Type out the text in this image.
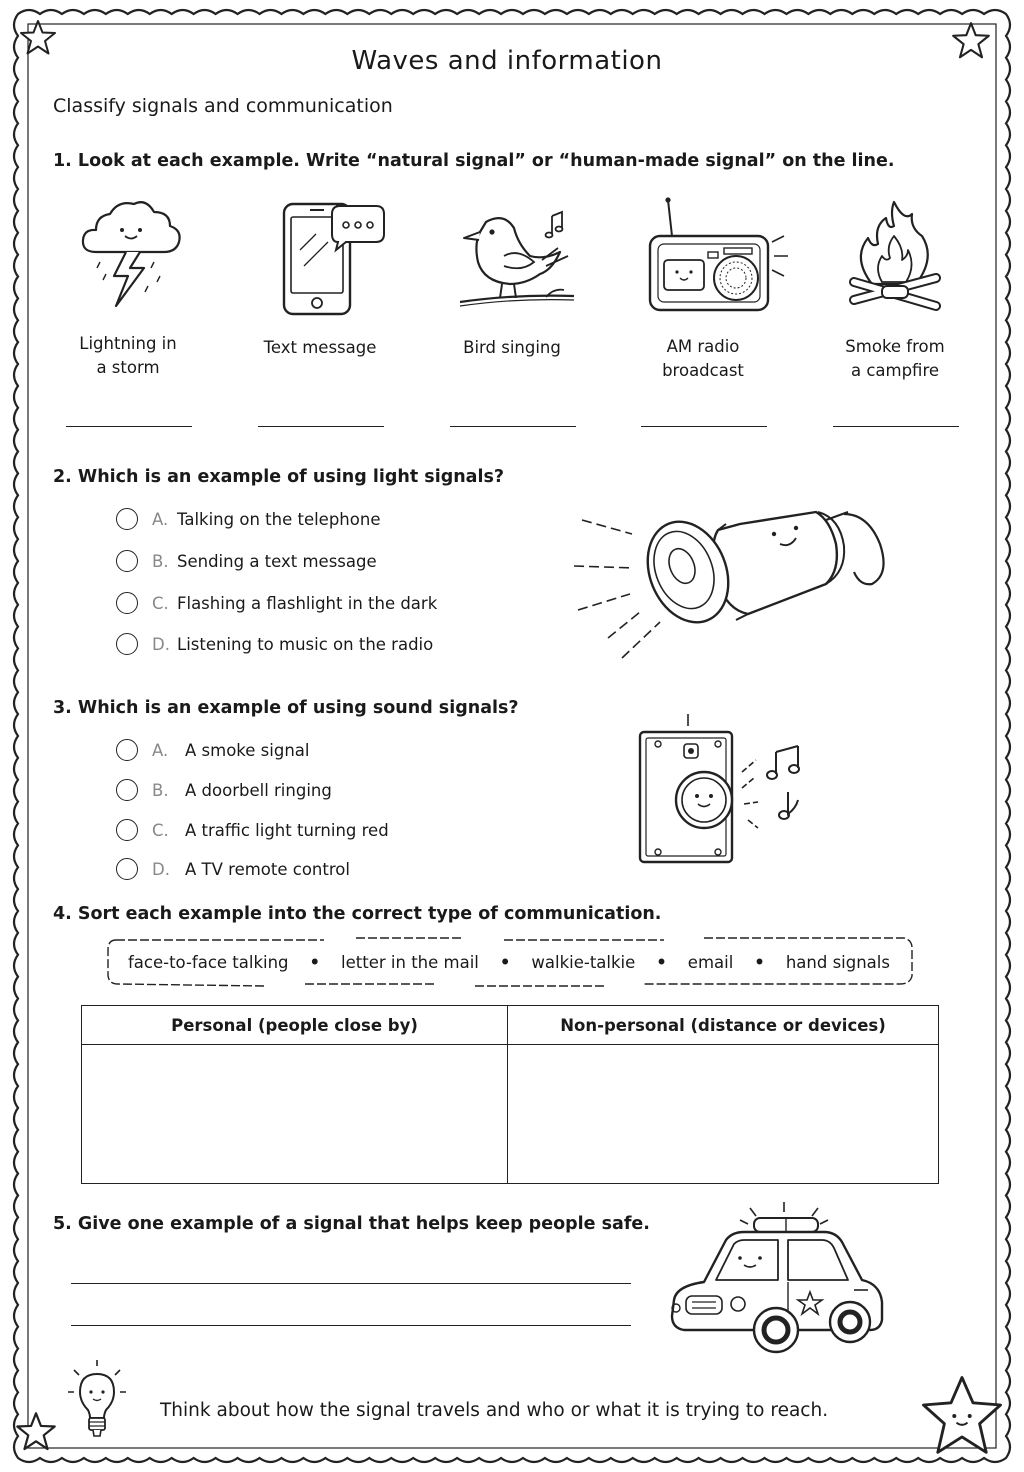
Waves and information
Classify signals and communication
1. Look at each example. Write “natural signal” or “human-made signal” on the line.
Lightning in
a storm
Text message	Bird singing	AM radio
broadcast
Smoke from
a campfire
2. Which is an example of using light signals?
A. Talking on the telephone
B. Sending a text message
C. Flashing a flashlight in the dark
D. Listening to music on the radio
3. Which is an example of using sound signals?
A.	A smoke signal
B. A doorbell ringing
C. A traffic light turning red
D. A TV remote control
4. Sort each example into the correct type of communication.
face-to-face talking • letter in the mail • walkie-talkie • email • hand signals
Personal (people close by)	Non-personal (distance or devices)
5. Give one example of a signal that helps keep people safe.
Think about how the signal travels and who or what it is trying to reach.
